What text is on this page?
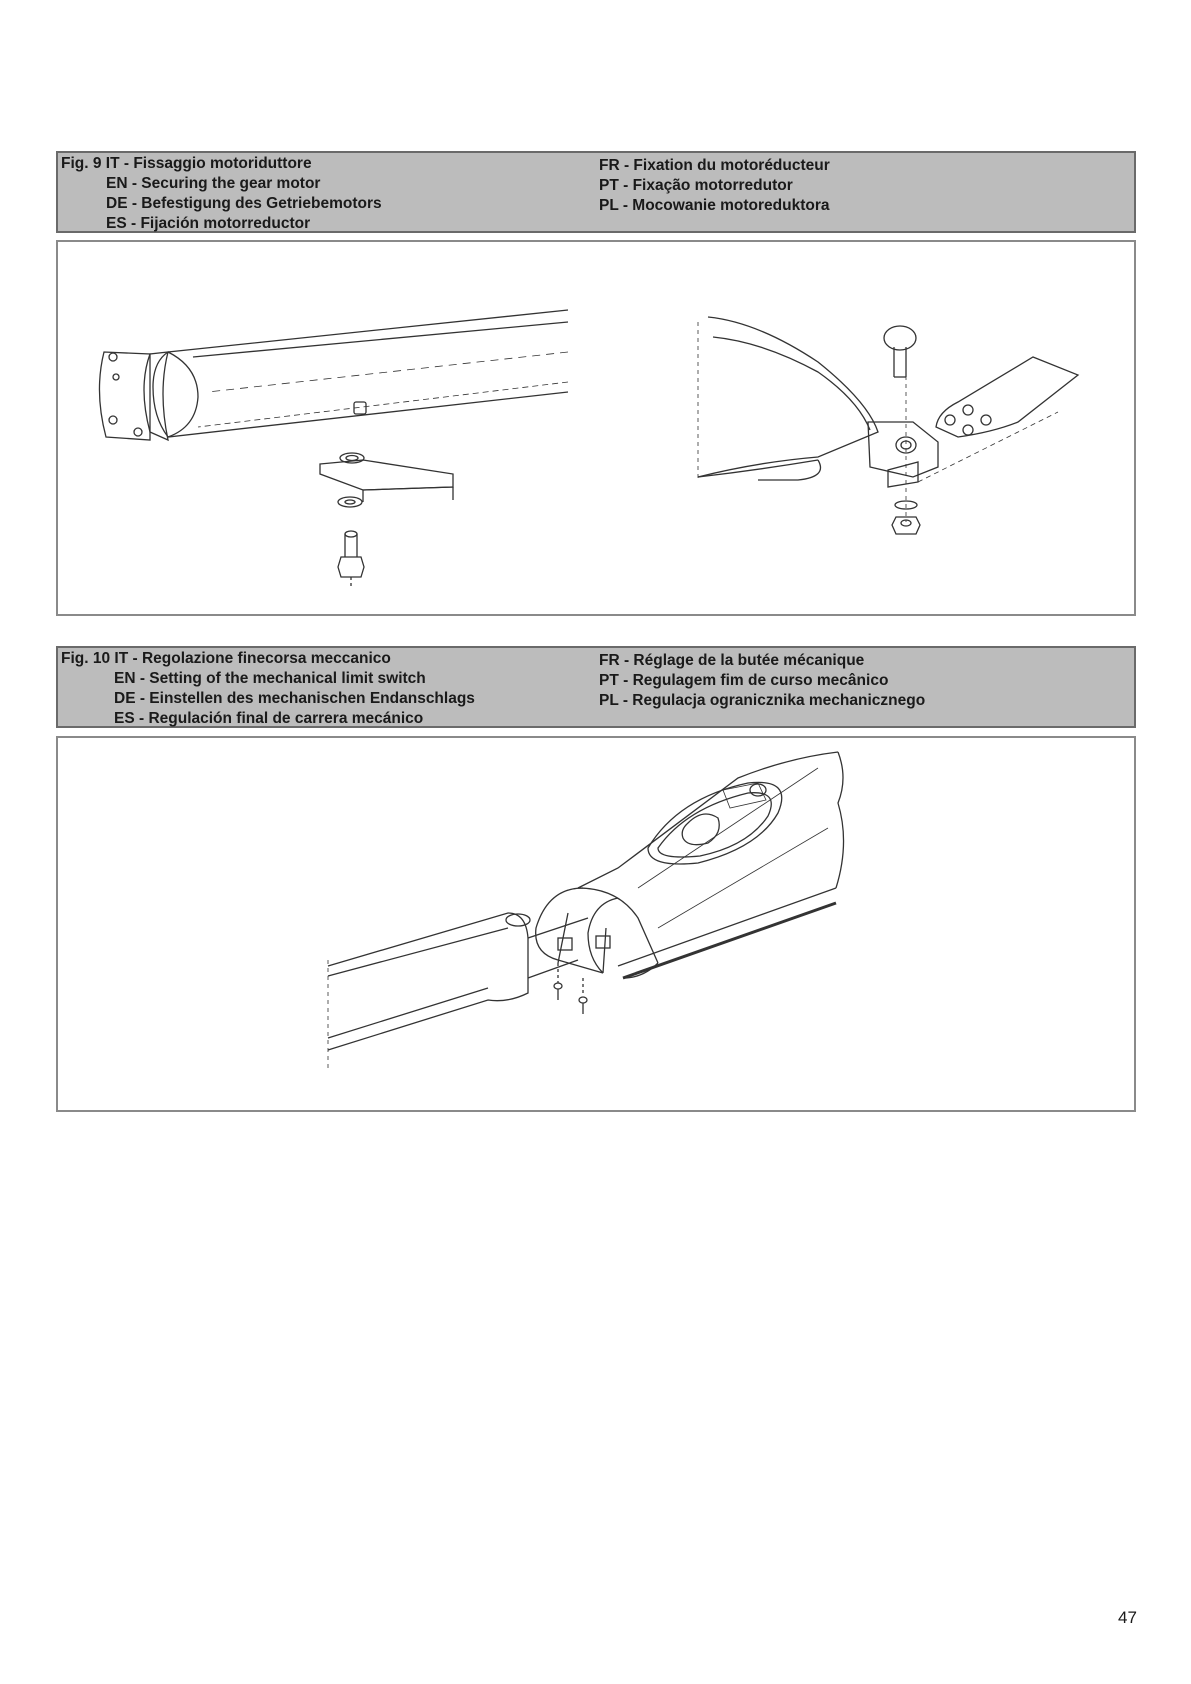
Fig. 9 IT - Fissaggio motoriduttore
EN - Securing the gear motor
DE - Befestigung des Getriebemotors
ES - Fijación motorreductor
FR - Fixation du motoréducteur
PT - Fixação motorredutor
PL - Mocowanie motoreduktora
Fig. 10 IT - Regolazione finecorsa meccanico
EN - Setting of the mechanical limit switch
DE - Einstellen des mechanischen Endanschlags
ES - Regulación final de carrera mecánico
FR - Réglage de la butée mécanique
PT - Regulagem fim de curso mecânico
PL - Regulacja ogranicznika mechanicznego
47
